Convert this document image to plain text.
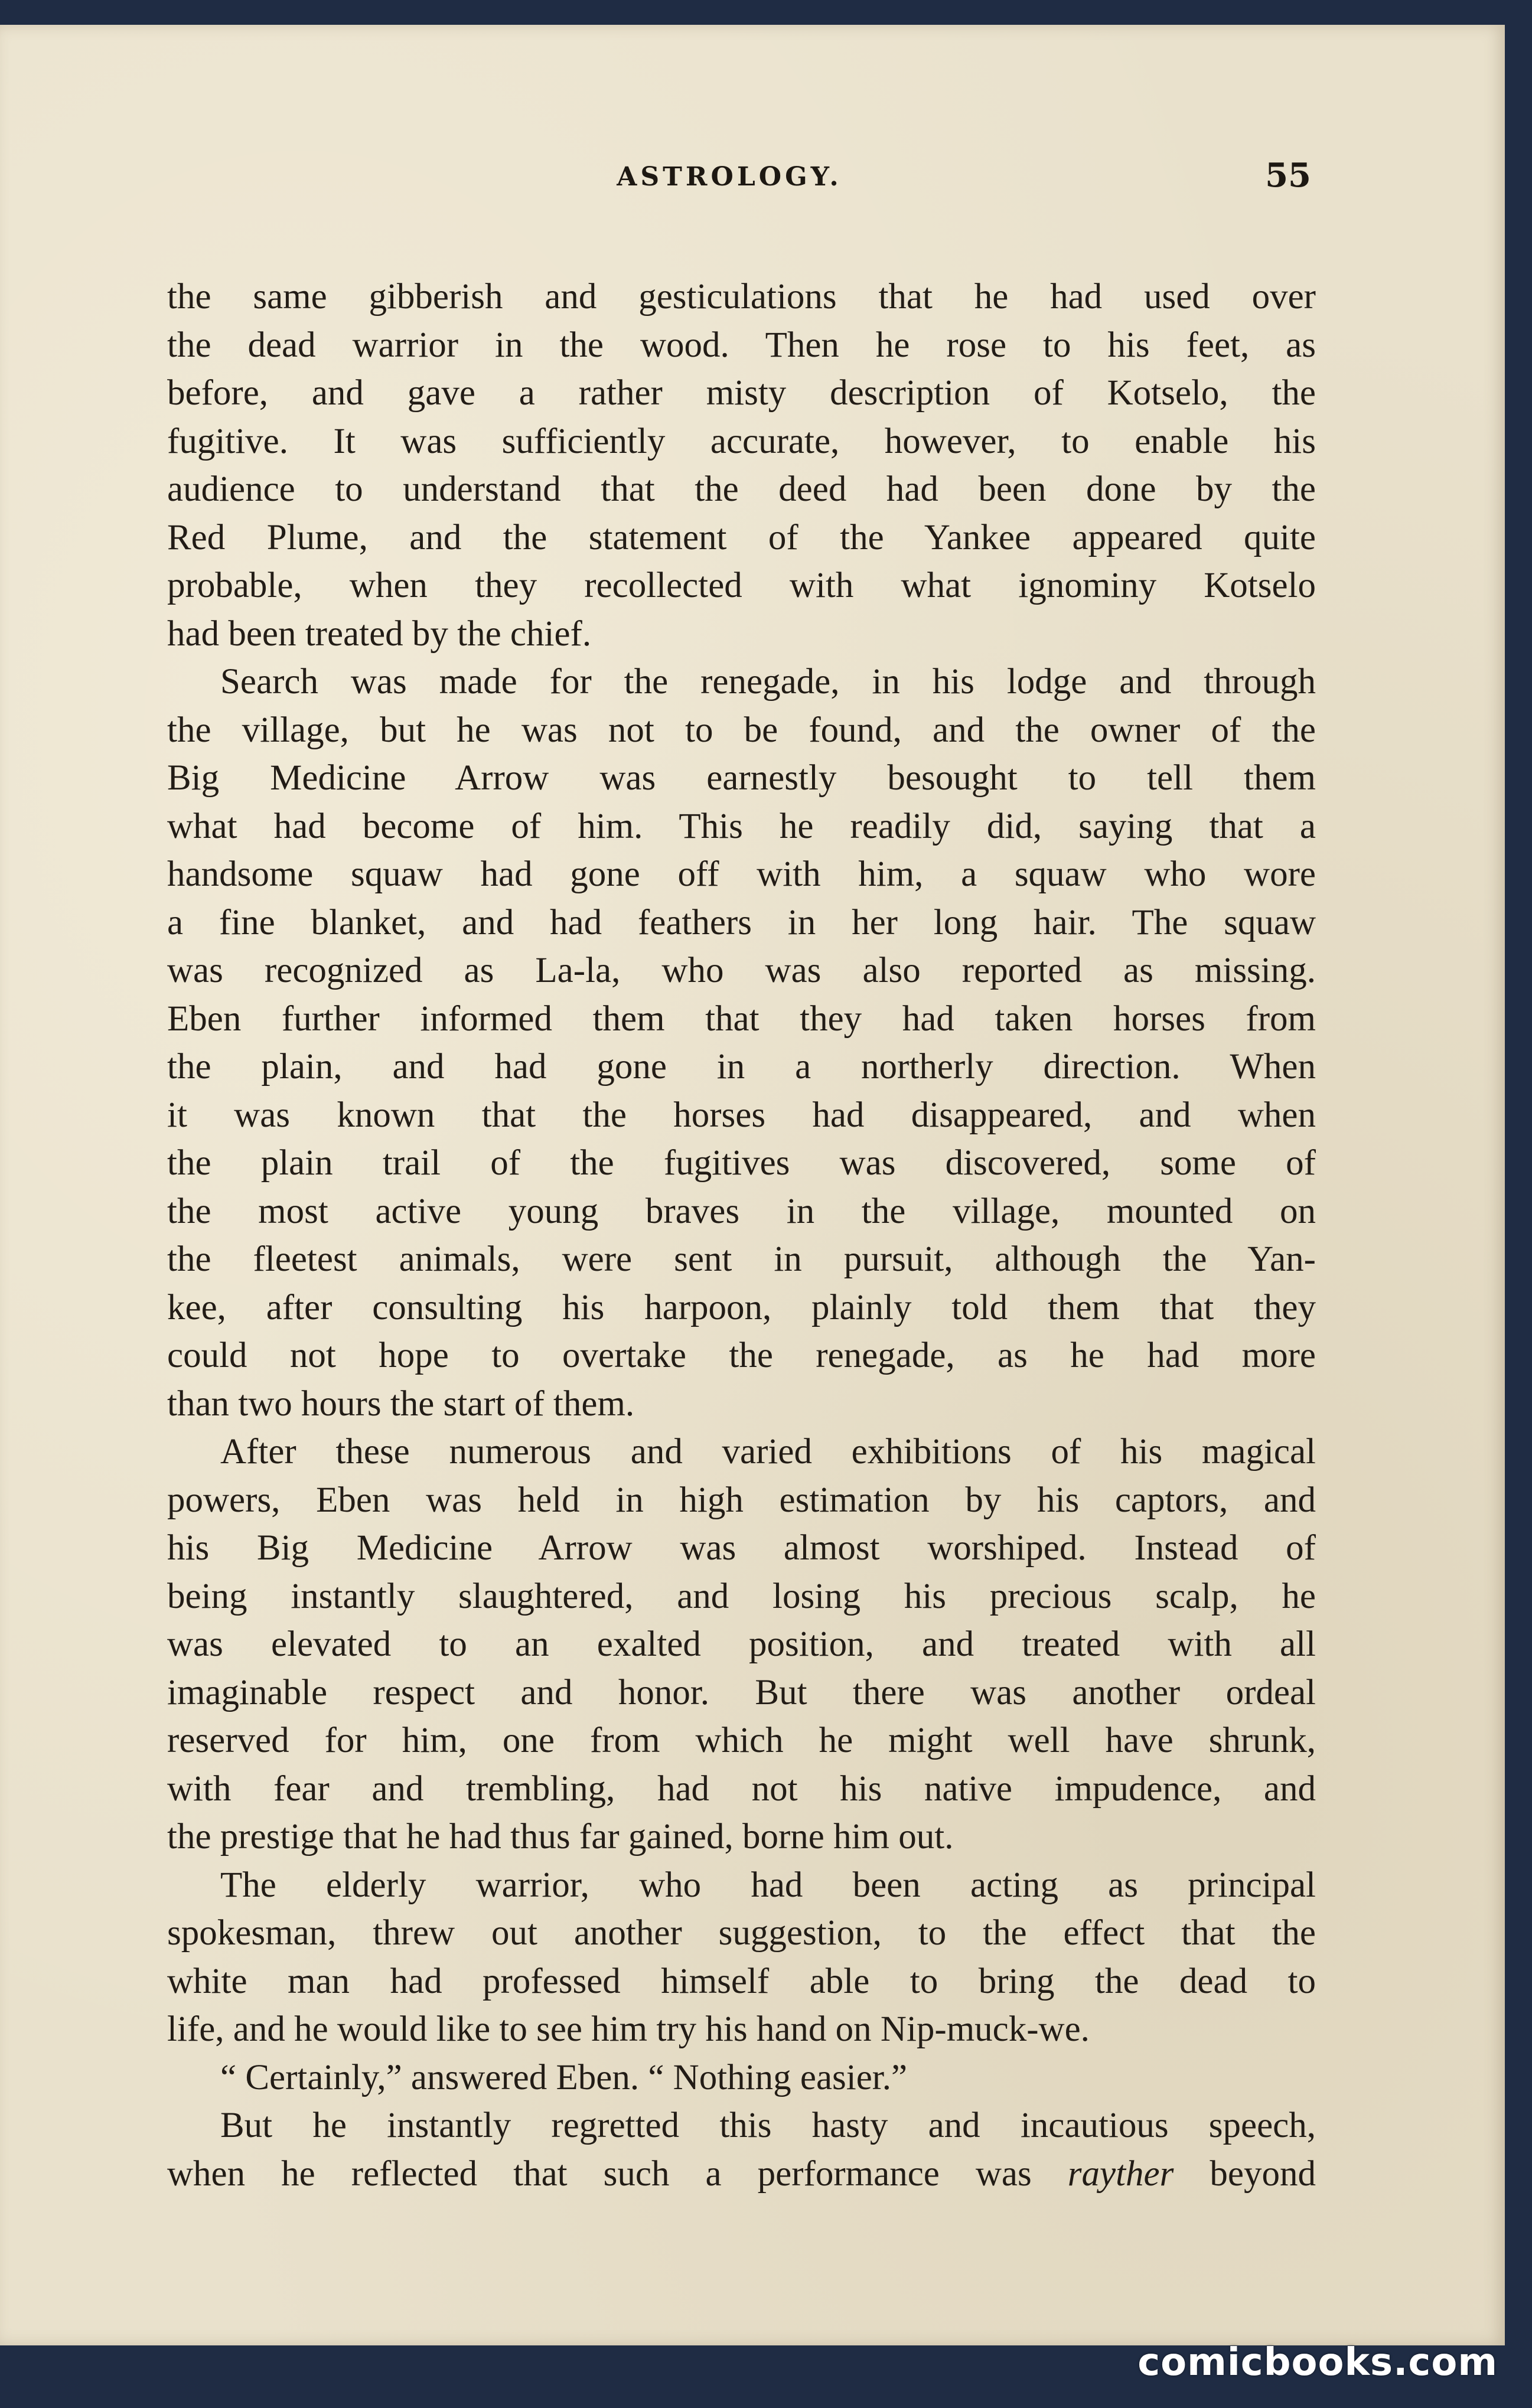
ASTROLOGY.	55
the same gibberish and gesticulations that he had used over
the dead warrior in the wood. Then he rose to his feet, as
before, and gave a rather misty description of Kotselo, the
fugitive. It was sufficiently accurate, however, to enable his
audience to understand that the deed had been done by the
Red Plume, and the statement of the Yankee appeared quite
probable, when they recollected with what ignominy Kotselo
had been treated by the chief.
Search was made for the renegade, in his lodge and through
the village, but he was not to be found, and the owner of the
Big Medicine Arrow was earnestly besought to tell them
what had become of him. This he readily did, saying that a
handsome squaw had gone off with him, a squaw who wore
a fine blanket, and had feathers in her long hair. The squaw
was recognized as La-la, who was also reported as missing.
Eben further informed them that they had taken horses from
the plain, and had gone in a northerly direction. When
it was known that the horses had disappeared, and when
the plain trail of the fugitives was discovered, some of
the most active young braves in the village, mounted on
the fleetest animals, were sent in pursuit, although the Yan-
kee, after consulting his harpoon, plainly told them that they
could not hope to overtake the renegade, as he had more
than two hours the start of them.
After these numerous and varied exhibitions of his magical
powers, Eben was held in high estimation by his captors, and
his Big Medicine Arrow was almost worshiped. Instead of
being instantly slaughtered, and losing his precious scalp, he
was elevated to an exalted position, and treated with all
imaginable respect and honor. But there was another ordeal
reserved for him, one from which he might well have shrunk,
with fear and trembling, had not his native impudence, and
the prestige that he had thus far gained, borne him out.
The elderly warrior, who had been acting as principal
spokesman, threw out another suggestion, to the effect that the
white man had professed himself able to bring the dead to
life, and he would like to see him try his hand on Nip-muck-we.
“ Certainly,” answered Eben. “ Nothing easier.”
But he instantly regretted this hasty and incautious speech,
when he reflected that such a performance was rayther beyond
comicbooks.com
